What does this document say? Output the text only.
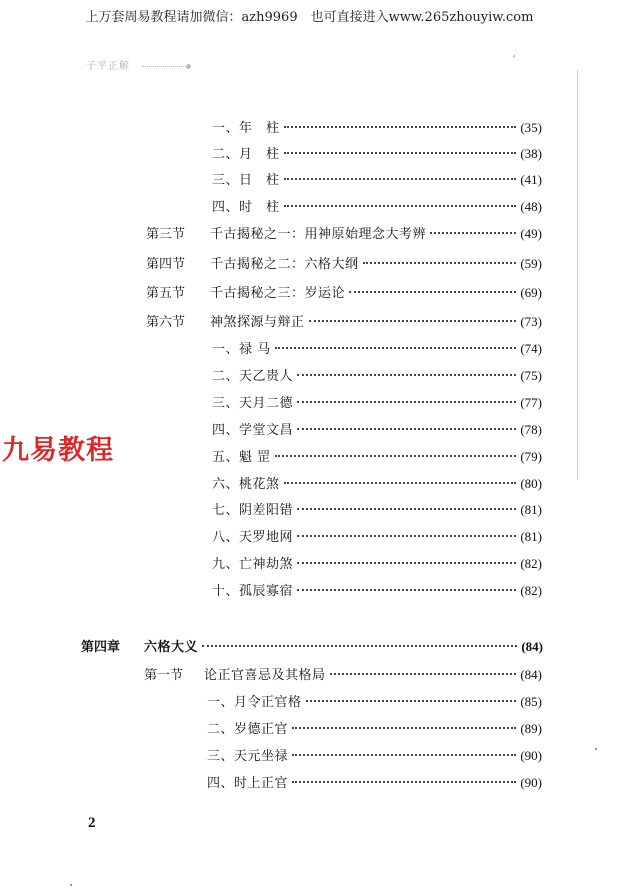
上万套周易教程请加微信：azh9969　也可直接进入www.265zhouyiw.com
子平正解
′
九易教程
一、年　柱	(35)
二、月　柱	(38)
三、日　柱	(41)
四、时　柱	(48)
第三节	千古揭秘之一：用神原始理念大考辨	(49)
第四节	千古揭秘之二：六格大纲	(59)
第五节	千古揭秘之三：岁运论	(69)
第六节	神煞探源与辩正	(73)
一、禄 马	(74)
二、天乙贵人	(75)
三、天月二德	(77)
四、学堂文昌	(78)
五、魁 罡	(79)
六、桃花煞	(80)
七、阴差阳错	(81)
八、天罗地网	(81)
九、亡神劫煞	(82)
十、孤辰寡宿	(82)
第四章	六格大义	(84)
第一节	论正官喜忌及其格局	(84)
一、月令正官格	(85)
二、岁德正官	(89)
三、天元坐禄	(90)
四、时上正官	(90)
2
